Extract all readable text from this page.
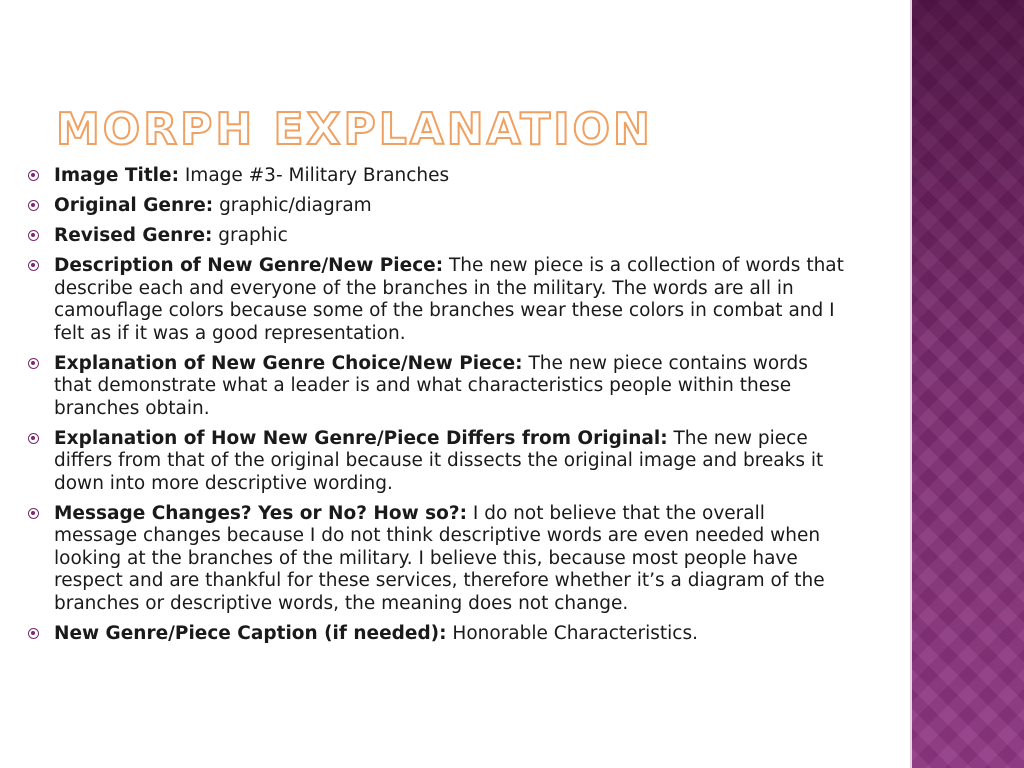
MORPH EXPLANATION
Image Title: Image #3- Military Branches
Original Genre: graphic/diagram
Revised Genre: graphic
Description of New Genre/New Piece: The new piece is a collection of words that describe each and everyone of the branches in the military. The words are all in camouflage colors because some of the branches wear these colors in combat and I felt as if it was a good representation.
Explanation of New Genre Choice/New Piece: The new piece contains words that demonstrate what a leader is and what characteristics people within these branches obtain.
Explanation of How New Genre/Piece Differs from Original: The new piece differs from that of the original because it dissects the original image and breaks it down into more descriptive wording.
Message Changes? Yes or No? How so?: I do not believe that the overall message changes because I do not think descriptive words are even needed when looking at the branches of the military. I believe this, because most people have respect and are thankful for these services, therefore whether it’s a diagram of the branches or descriptive words, the meaning does not change.
New Genre/Piece Caption (if needed): Honorable Characteristics.
